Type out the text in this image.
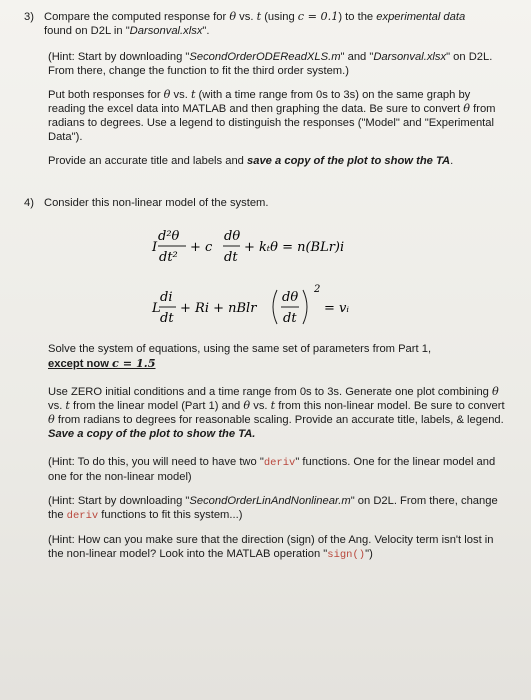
3) Compare the computed response for θ vs. t (using c = 0.1) to the experimental data
found on D2L in "Darsonval.xlsx".

(Hint: Start by downloading "SecondOrderODEReadXLS.m" and "Darsonval.xlsx" on D2L. From there, change the function to fit the third order system.)

Put both responses for θ vs. t (with a time range from 0s to 3s) on the same graph by reading the excel data into MATLAB and then graphing the data. Be sure to convert θ from radians to degrees. Use a legend to distinguish the responses ("Model" and "Experimental Data").

Provide an accurate title and labels and save a copy of the plot to show the TA.

4) Consider this non-linear model of the system.
I
d²θ
dt²
+ c
dθ
dt
+ kₜθ = n(BLr)i
L
di
dt
+ Ri + nBlr
dθ
dt
2
= vᵢ

Solve the system of equations, using the same set of parameters from Part 1,
except now c = 1.5

Use ZERO initial conditions and a time range from 0s to 3s. Generate one plot combining θ vs. t from the linear model (Part 1) and θ vs. t from this non-linear model. Be sure to convert θ from radians to degrees for reasonable scaling. Provide an accurate title, labels, & legend. Save a copy of the plot to show the TA.

(Hint: To do this, you will need to have two "deriv" functions. One for the linear model and one for the non-linear model)

(Hint: Start by downloading "SecondOrderLinAndNonlinear.m" on D2L. From there, change the deriv functions to fit this system...)

(Hint: How can you make sure that the direction (sign) of the Ang. Velocity term isn't lost in the non-linear model? Look into the MATLAB operation "sign()")
